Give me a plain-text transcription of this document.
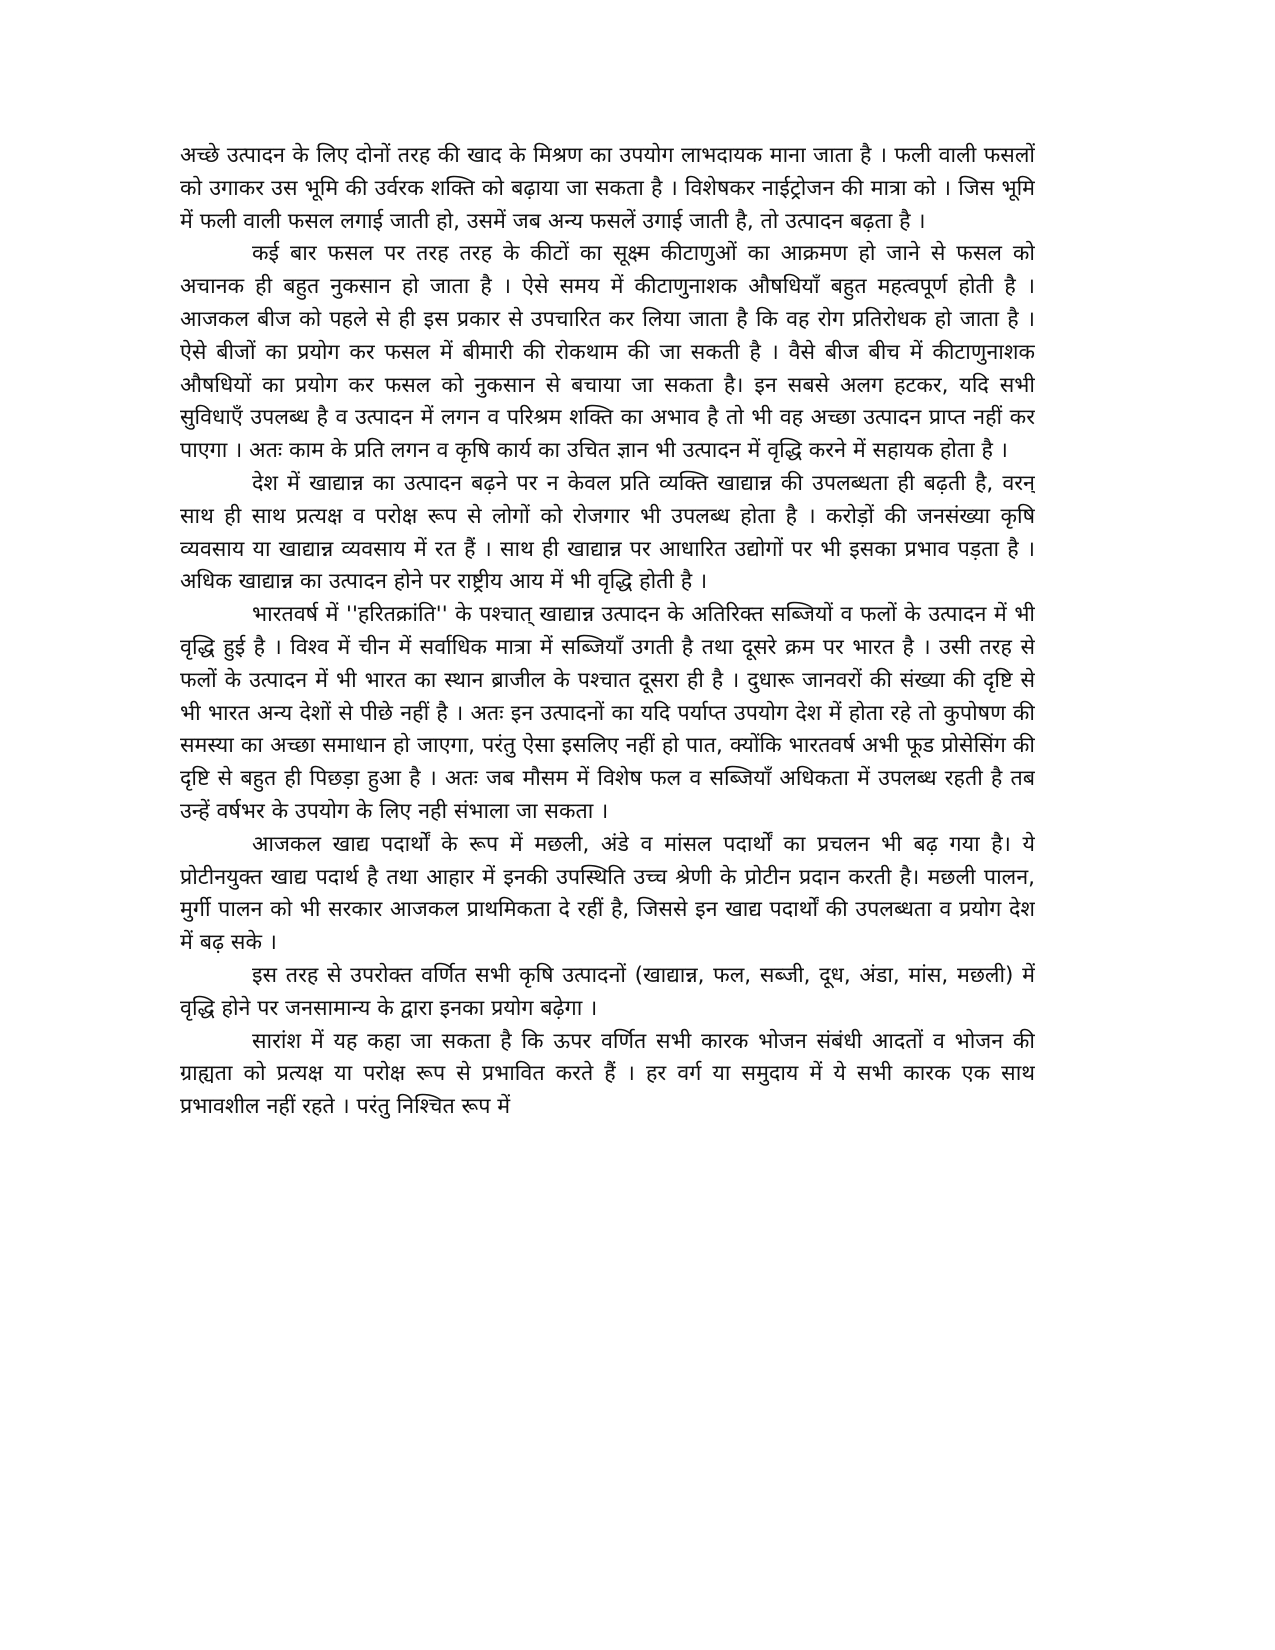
अच्छे उत्पादन के लिए दोनों तरह की खाद के मिश्रण का उपयोग लाभदायक माना जाता है । फली वाली फसलों को उगाकर उस भूमि की उर्वरक शक्ति को बढ़ाया जा सकता है । विशेषकर नाईट्रोजन की मात्रा को । जिस भूमि में फली वाली फसल लगाई जाती हो, उसमें जब अन्य फसलें उगाई जाती है, तो उत्पादन बढ़ता है ।

कई बार फसल पर तरह तरह के कीटों का सूक्ष्म कीटाणुओं का आक्रमण हो जाने से फसल को अचानक ही बहुत नुकसान हो जाता है । ऐसे समय में कीटाणुनाशक औषधियाँ बहुत महत्वपूर्ण होती है । आजकल बीज को पहले से ही इस प्रकार से उपचारित कर लिया जाता है कि वह रोग प्रतिरोधक हो जाता है । ऐसे बीजों का प्रयोग कर फसल में बीमारी की रोकथाम की जा सकती है । वैसे बीज बीच में कीटाणुनाशक औषधियों का प्रयोग कर फसल को नुकसान से बचाया जा सकता है। इन सबसे अलग हटकर, यदि सभी सुविधाएँ उपलब्ध है व उत्पादन में लगन व परिश्रम शक्ति का अभाव है तो भी वह अच्छा उत्पादन प्राप्त नहीं कर पाएगा । अतः काम के प्रति लगन व कृषि कार्य का उचित ज्ञान भी उत्पादन में वृद्धि करने में सहायक होता है ।

देश में खाद्यान्न का उत्पादन बढ़ने पर न केवल प्रति व्यक्ति खाद्यान्न की उपलब्धता ही बढ़ती है, वरन् साथ ही साथ प्रत्यक्ष व परोक्ष रूप से लोगों को रोजगार भी उपलब्ध होता है । करोड़ों की जनसंख्या कृषि व्यवसाय या खाद्यान्न व्यवसाय में रत हैं । साथ ही खाद्यान्न पर आधारित उद्योगों पर भी इसका प्रभाव पड़ता है । अधिक खाद्यान्न का उत्पादन होने पर राष्ट्रीय आय में भी वृद्धि होती है ।

भारतवर्ष में ''हरितक्रांति'' के पश्चात् खाद्यान्न उत्पादन के अतिरिक्त सब्जियों व फलों के उत्पादन में भी वृद्धि हुई है । विश्व में चीन में सर्वाधिक मात्रा में सब्जियाँ उगती है तथा दूसरे क्रम पर भारत है । उसी तरह से फलों के उत्पादन में भी भारत का स्थान ब्राजील के पश्चात दूसरा ही है । दुधारू जानवरों की संख्या की दृष्टि से भी भारत अन्य देशों से पीछे नहीं है । अतः इन उत्पादनों का यदि पर्याप्त उपयोग देश में होता रहे तो कुपोषण की समस्या का अच्छा समाधान हो जाएगा, परंतु ऐसा इसलिए नहीं हो पात, क्योंकि भारतवर्ष अभी फूड प्रोसेसिंग की दृष्टि से बहुत ही पिछड़ा हुआ है । अतः जब मौसम में विशेष फल व सब्जियाँ अधिकता में उपलब्ध रहती है तब उन्हें वर्षभर के उपयोग के लिए नही संभाला जा सकता ।

आजकल खाद्य पदार्थों के रूप में मछली, अंडे व मांसल पदार्थों का प्रचलन भी बढ़ गया है। ये प्रोटीनयुक्त खाद्य पदार्थ है तथा आहार में इनकी उपस्थिति उच्च श्रेणी के प्रोटीन प्रदान करती है। मछली पालन, मुर्गी पालन को भी सरकार आजकल प्राथमिकता दे रहीं है, जिससे इन खाद्य पदार्थों की उपलब्धता व प्रयोग देश में बढ़ सके ।

इस तरह से उपरोक्त वर्णित सभी कृषि उत्पादनों (खाद्यान्न, फल, सब्जी, दूध, अंडा, मांस, मछली) में वृद्धि होने पर जनसामान्य के द्वारा इनका प्रयोग बढ़ेगा ।

सारांश में यह कहा जा सकता है कि ऊपर वर्णित सभी कारक भोजन संबंधी आदतों व भोजन की ग्राह्यता को प्रत्यक्ष या परोक्ष रूप से प्रभावित करते हैं । हर वर्ग या समुदाय में ये सभी कारक एक साथ प्रभावशील नहीं रहते । परंतु निश्चित रूप में
